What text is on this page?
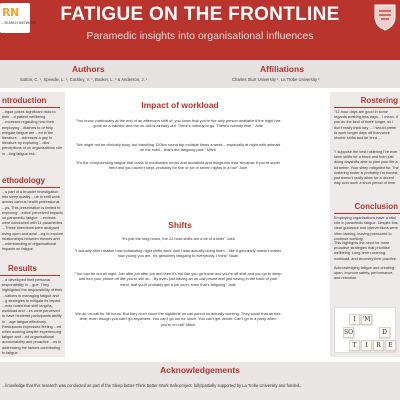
RN
...SEARCH NETWORK	FATIGUE ON THE FRONTLINE
Paramedic insights into organisational influences
Authors
Sutton, C. ¹, Speedie, L. ¹, Cockley, V. ¹, Booker, L. ¹ & Anderson, J. ¹
Affiliations
Charles Sturt University ¹, La Trobe University ²
ntroduction
...tigue poses significant risks to their ...d patient wellbeing. ...rocesses regarding how their employing ...itiatives to or help mitigate fatigue are ...ed in the literature. ...ddresses a gap in literature by exploring ...dics' perceptions of on organisations role in ...ting fatigue risk.
ethodology
...s part of a broader investigation into sleep quality ...ue in shift work across various health professional ...ps. This presentation is limited to exploring ...edics' perceived impacts on paramedic fatigue. ...erviews were conducted with 11 paramedics ...These interviews were analysed using open and axial ...ng to explore relationships between themes and ...nderstanding of organisational impacts on fatigue.
Results
...d developed their personal responsibility in ...gue. They highlighted the responsibility of their ...sations in managing fatigue and ...g strategies to mitigate its impact. ...ents noted that shift lengths, workload and ...es were perceived to have hindered participants ability to ...age fatigue effectively. Participants expressed feeling ...ed when working despite experiencing fatigue and ...ed organisational accountability and proactive ...es in addressing the factors contributing to fatigue.
Impact of workload
"You know, particularly at the end of an afternoon shift of, you know that you're the only person available if the night has gone on a transfer and the on-call is already out. There's nobody to go. There's nobody else." Julie
"We might not be clinically busy, but travelling 120km round trip multiple times a week... especially at night with animals on the road... that's the fatiguing part." Mitch
"It's the compounding fatigue that leads to medication errors and accidents and things like that, because if you're super tired and you haven't slept, probably for five or six or seven nights in a row" Julie
Shifts
"It's just the long hours, the 12-hour shifts are a bit of a killer" Josh
"I actually didn't realise how exhausting night shifts were until I was actually doing them... like it genuinely doesn't matter how young you are. It's genuinely fatiguing to everybody, I think" Noah
"You can be out all night. Job after job after job and then it's not like you go home and you're off shift and you go to sleep and turn your phone off like you're still on... By even just having an on-call phone and just having in the back of your mind, that you'll probably get a job soon, even that's fatiguing" Julie
We do on-call for 96 hours. But they don't count the nighttime on call period so actually working. They count that as free time, even though you can't go anywhere. You can't go out for lunch. You can't get dinner. Can't go to a party when you're on call" Mitch
Rostering
"12-hour days are good in some regards working less days... I mean, if you do the kind of there longer, so I don't really think key ... I would prefer to work longer days off than work shorter shifts and be tired ...
"I suppose the best rostering I've ever seen shifts for a block and then just doing dayshifts able to plan your life a bit better. Your sleep mitigated for. The rostering roster is probably I'm honest, just doesn't really allow for a decent way over such a short period of time.
Conclusion
Employing organisations have a vital role in paramedic fatigue. Despite this, clear guidance and interventions were often lacking, leaving pressured to continue working.
This highlights the need for more proactive strategies that prioritise wellbeing. Long-term rostering, workload, and recovery time practice.
Acknowledging fatigue and creating open, improve safety, performance, and retention.
I	'M
SO
T	I	R	E
D
Acknowledgements
...knowledge that this research was conducted as part of the Sleep better-Think Better-Work Safe project, fully/partially supported by La Trobe University and funded...
